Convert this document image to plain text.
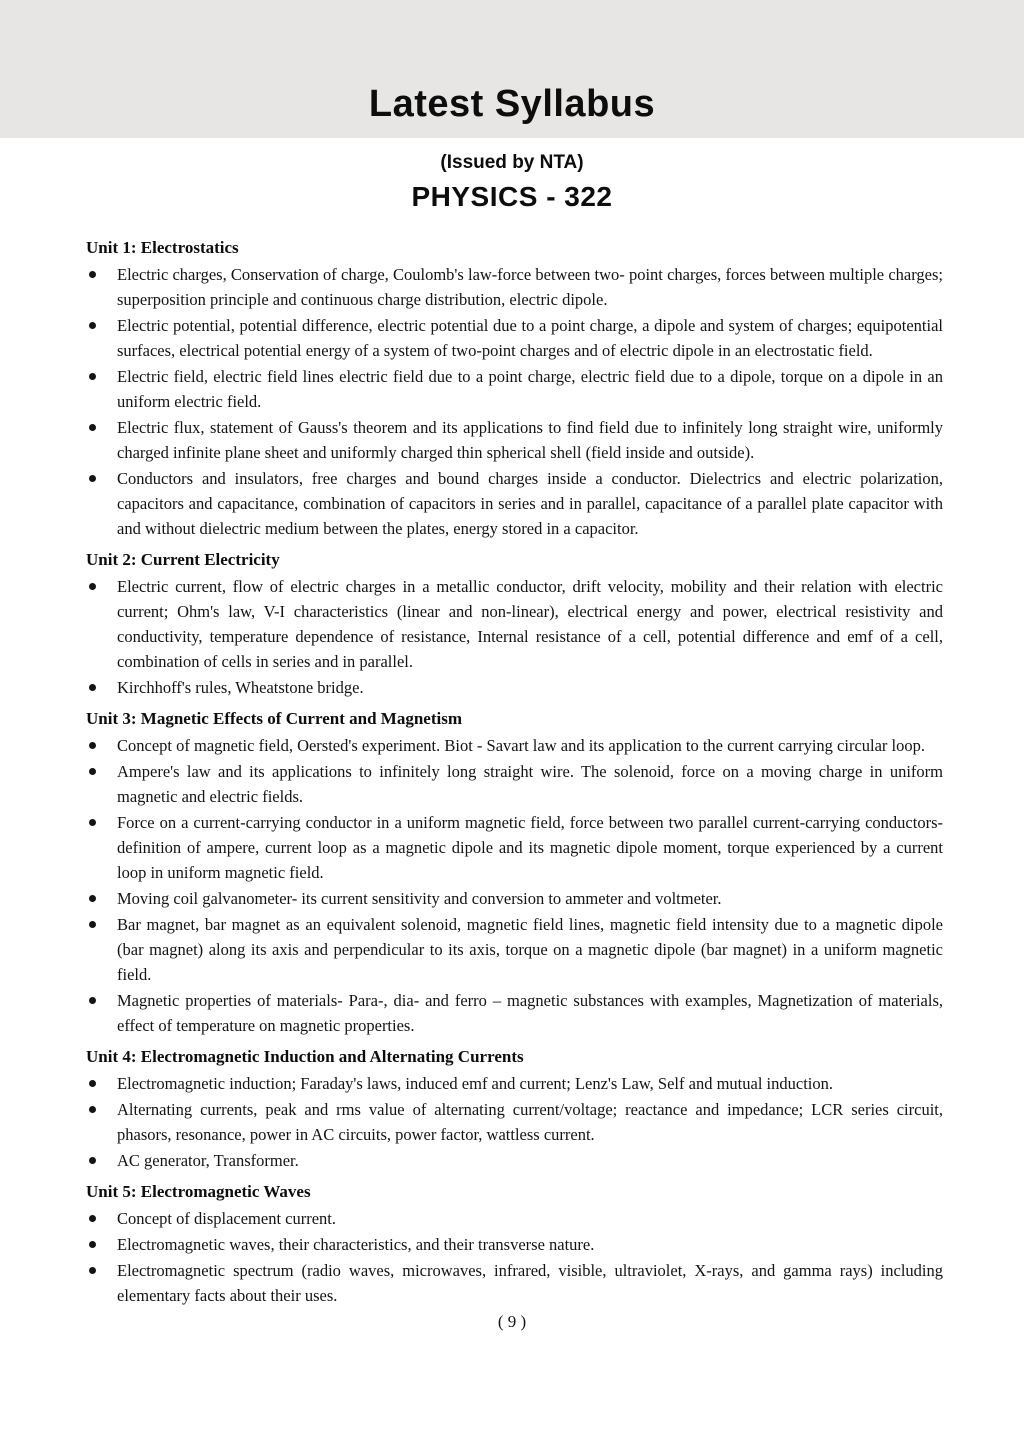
Latest Syllabus
(Issued by NTA)
PHYSICS - 322
Unit 1: Electrostatics
Electric charges, Conservation of charge, Coulomb's law-force between two- point charges, forces between multiple charges; superposition principle and continuous charge distribution, electric dipole.
Electric potential, potential difference, electric potential due to a point charge, a dipole and system of charges; equipotential surfaces, electrical potential energy of a system of two-point charges and of electric dipole in an electrostatic field.
Electric field, electric field lines electric field due to a point charge, electric field due to a dipole, torque on a dipole in an uniform electric field.
Electric flux, statement of Gauss's theorem and its applications to find field due to infinitely long straight wire, uniformly charged infinite plane sheet and uniformly charged thin spherical shell (field inside and outside).
Conductors and insulators, free charges and bound charges inside a conductor. Dielectrics and electric polarization, capacitors and capacitance, combination of capacitors in series and in parallel, capacitance of a parallel plate capacitor with and without dielectric medium between the plates, energy stored in a capacitor.
Unit 2: Current Electricity
Electric current, flow of electric charges in a metallic conductor, drift velocity, mobility and their relation with electric current; Ohm's law, V-I characteristics (linear and non-linear), electrical energy and power, electrical resistivity and conductivity, temperature dependence of resistance, Internal resistance of a cell, potential difference and emf of a cell, combination of cells in series and in parallel.
Kirchhoff's rules, Wheatstone bridge.
Unit 3: Magnetic Effects of Current and Magnetism
Concept of magnetic field, Oersted's experiment. Biot - Savart law and its application to the current carrying circular loop.
Ampere's law and its applications to infinitely long straight wire. The solenoid, force on a moving charge in uniform magnetic and electric fields.
Force on a current-carrying conductor in a uniform magnetic field, force between two parallel current-carrying conductors-definition of ampere, current loop as a magnetic dipole and its magnetic dipole moment, torque experienced by a current loop in uniform magnetic field.
Moving coil galvanometer- its current sensitivity and conversion to ammeter and voltmeter.
Bar magnet, bar magnet as an equivalent solenoid, magnetic field lines, magnetic field intensity due to a magnetic dipole (bar magnet) along its axis and perpendicular to its axis, torque on a magnetic dipole (bar magnet) in a uniform magnetic field.
Magnetic properties of materials- Para-, dia- and ferro – magnetic substances with examples, Magnetization of materials, effect of temperature on magnetic properties.
Unit 4: Electromagnetic Induction and Alternating Currents
Electromagnetic induction; Faraday's laws, induced emf and current; Lenz's Law, Self and mutual induction.
Alternating currents, peak and rms value of alternating current/voltage; reactance and impedance; LCR series circuit, phasors, resonance, power in AC circuits, power factor, wattless current.
AC generator, Transformer.
Unit 5: Electromagnetic Waves
Concept of displacement current.
Electromagnetic waves, their characteristics, and their transverse nature.
Electromagnetic spectrum (radio waves, microwaves, infrared, visible, ultraviolet, X-rays, and gamma rays) including elementary facts about their uses.
( 9 )
